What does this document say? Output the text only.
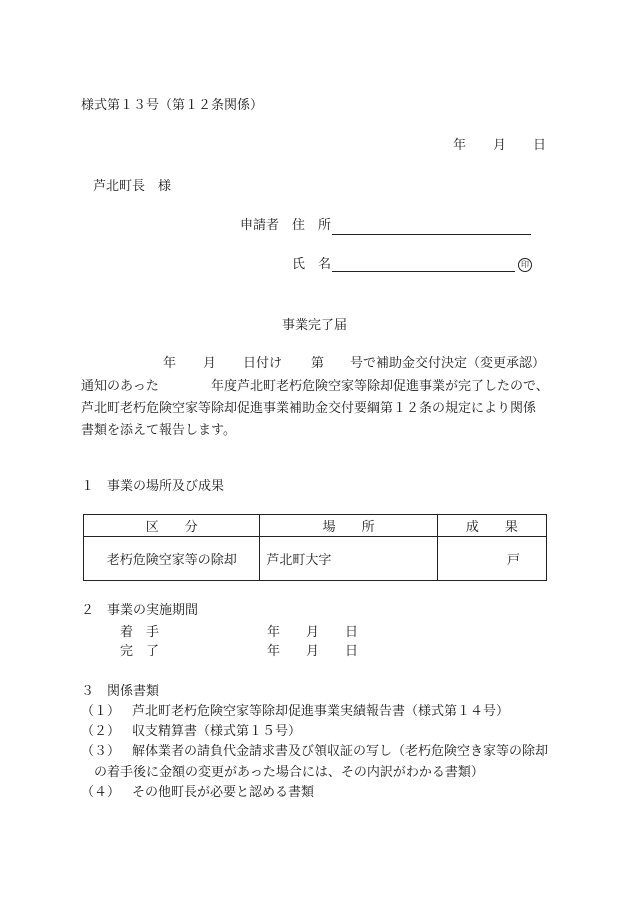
様式第１３号（第１２条関係）
年 月 日
芦北町長　様
申請者 住　所
氏　名	印
事業完了届
年 月 日付け 第 号で補助金交付決定（変更承認）
通知のあった	年度芦北町老朽危険空家等除却促進事業が完了したので、
芦北町老朽危険空家等除却促進事業補助金交付要綱第１２条の規定により関係
書類を添えて報告します。
１　事業の場所及び成果
区　　分	場　　所	成　　果
老朽危険空家等の除却	芦北町大字	戸
２　事業の実施期間
着　手	年 月 日
完　了	年 月 日
３　関係書類
（１） 芦北町老朽危険空家等除却促進事業実績報告書（様式第１４号）
（２） 収支精算書（様式第１５号）
（３） 解体業者の請負代金請求書及び領収証の写し（老朽危険空き家等の除却
の着手後に金額の変更があった場合には、その内訳がわかる書類）
（４） その他町長が必要と認める書類
